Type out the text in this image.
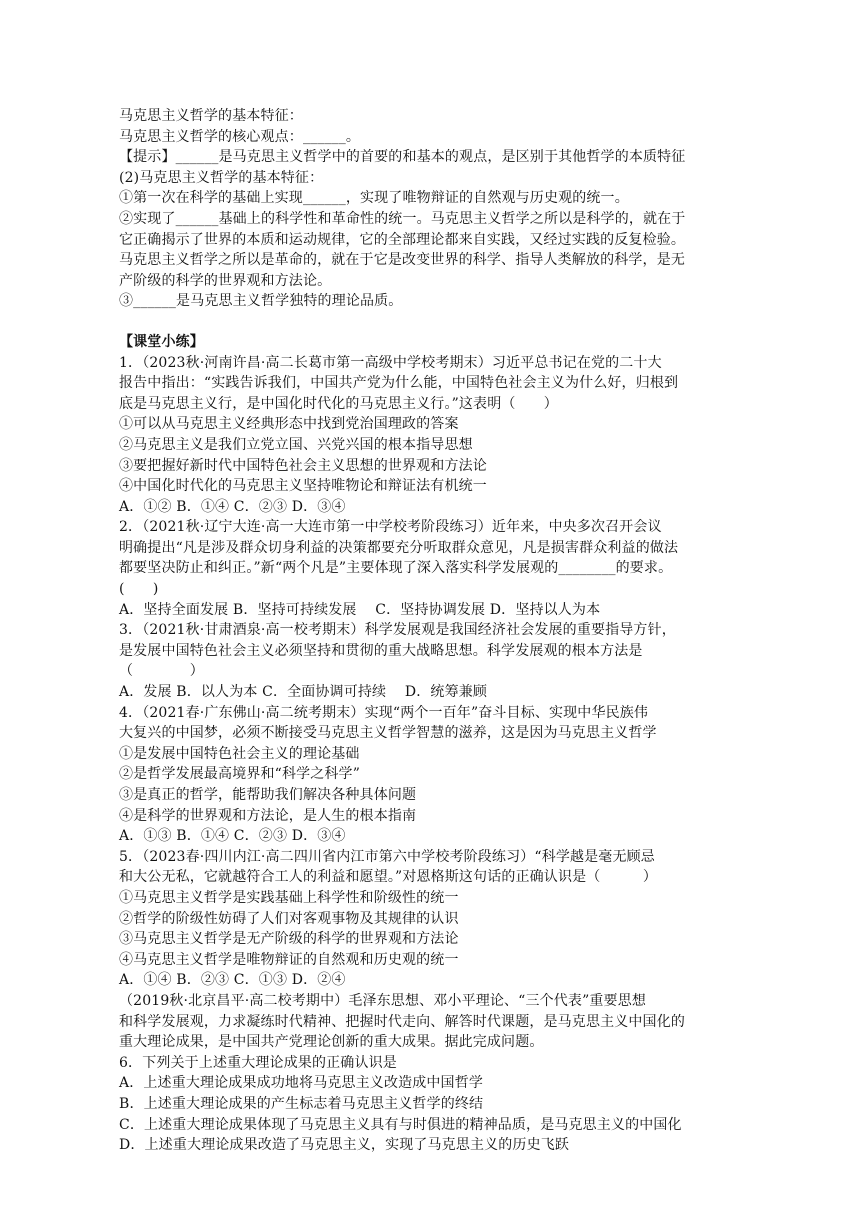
马克思主义哲学的基本特征：
马克思主义哲学的核心观点：______。
【提示】______是马克思主义哲学中的首要的和基本的观点，是区别于其他哲学的本质特征
(2)马克思主义哲学的基本特征：
①第一次在科学的基础上实现______，实现了唯物辩证的自然观与历史观的统一。
②实现了______基础上的科学性和革命性的统一。马克思主义哲学之所以是科学的，就在于
它正确揭示了世界的本质和运动规律，它的全部理论都来自实践，又经过实践的反复检验。
马克思主义哲学之所以是革命的，就在于它是改变世界的科学、指导人类解放的科学，是无
产阶级的科学的世界观和方法论。
③______是马克思主义哲学独特的理论品质。
【课堂小练】
1．（2023秋·河南许昌·高二长葛市第一高级中学校考期末）习近平总书记在党的二十大
报告中指出：“实践告诉我们，中国共产党为什么能，中国特色社会主义为什么好，归根到
底是马克思主义行，是中国化时代化的马克思主义行。”这表明（　　）
①可以从马克思主义经典形态中找到党治国理政的答案
②马克思主义是我们立党立国、兴党兴国的根本指导思想
③要把握好新时代中国特色社会主义思想的世界观和方法论
④中国化时代化的马克思主义坚持唯物论和辩证法有机统一
A．①② B．①④ C．②③ D．③④
2．（2021秋·辽宁大连·高一大连市第一中学校考阶段练习）近年来，中央多次召开会议
明确提出“凡是涉及群众切身利益的决策都要充分听取群众意见，凡是损害群众利益的做法
都要坚决防止和纠正。”新“两个凡是”主要体现了深入落实科学发展观的________的要求。
(　　)
A．坚持全面发展 B．坚持可持续发展　 C．坚持协调发展 D．坚持以人为本
3．（2021秋·甘肃酒泉·高一校考期末）科学发展观是我国经济社会发展的重要指导方针，
是发展中国特色社会主义必须坚持和贯彻的重大战略思想。科学发展观的根本方法是
（　　　　）
A．发展 B．以人为本 C．全面协调可持续　 D．统筹兼顾
4．（2021春·广东佛山·高二统考期末）实现“两个一百年”奋斗目标、实现中华民族伟
大复兴的中国梦，必须不断接受马克思主义哲学智慧的滋养，这是因为马克思主义哲学
①是发展中国特色社会主义的理论基础
②是哲学发展最高境界和“科学之科学”
③是真正的哲学，能帮助我们解决各种具体问题
④是科学的世界观和方法论，是人生的根本指南
A．①③ B．①④ C．②③ D．③④
5．（2023春·四川内江·高二四川省内江市第六中学校考阶段练习）“科学越是毫无顾忌
和大公无私，它就越符合工人的利益和愿望。”对恩格斯这句话的正确认识是（　　　）
①马克思主义哲学是实践基础上科学性和阶级性的统一
②哲学的阶级性妨碍了人们对客观事物及其规律的认识
③马克思主义哲学是无产阶级的科学的世界观和方法论
④马克思主义哲学是唯物辩证的自然观和历史观的统一
A．①④ B．②③ C．①③ D．②④
（2019秋·北京昌平·高二校考期中）毛泽东思想、邓小平理论、“三个代表”重要思想
和科学发展观，力求凝练时代精神、把握时代走向、解答时代课题，是马克思主义中国化的
重大理论成果，是中国共产党理论创新的重大成果。据此完成问题。
6．下列关于上述重大理论成果的正确认识是
A．上述重大理论成果成功地将马克思主义改造成中国哲学
B．上述重大理论成果的产生标志着马克思主义哲学的终结
C．上述重大理论成果体现了马克思主义具有与时俱进的精神品质，是马克思主义的中国化
D．上述重大理论成果改造了马克思主义，实现了马克思主义的历史飞跃
